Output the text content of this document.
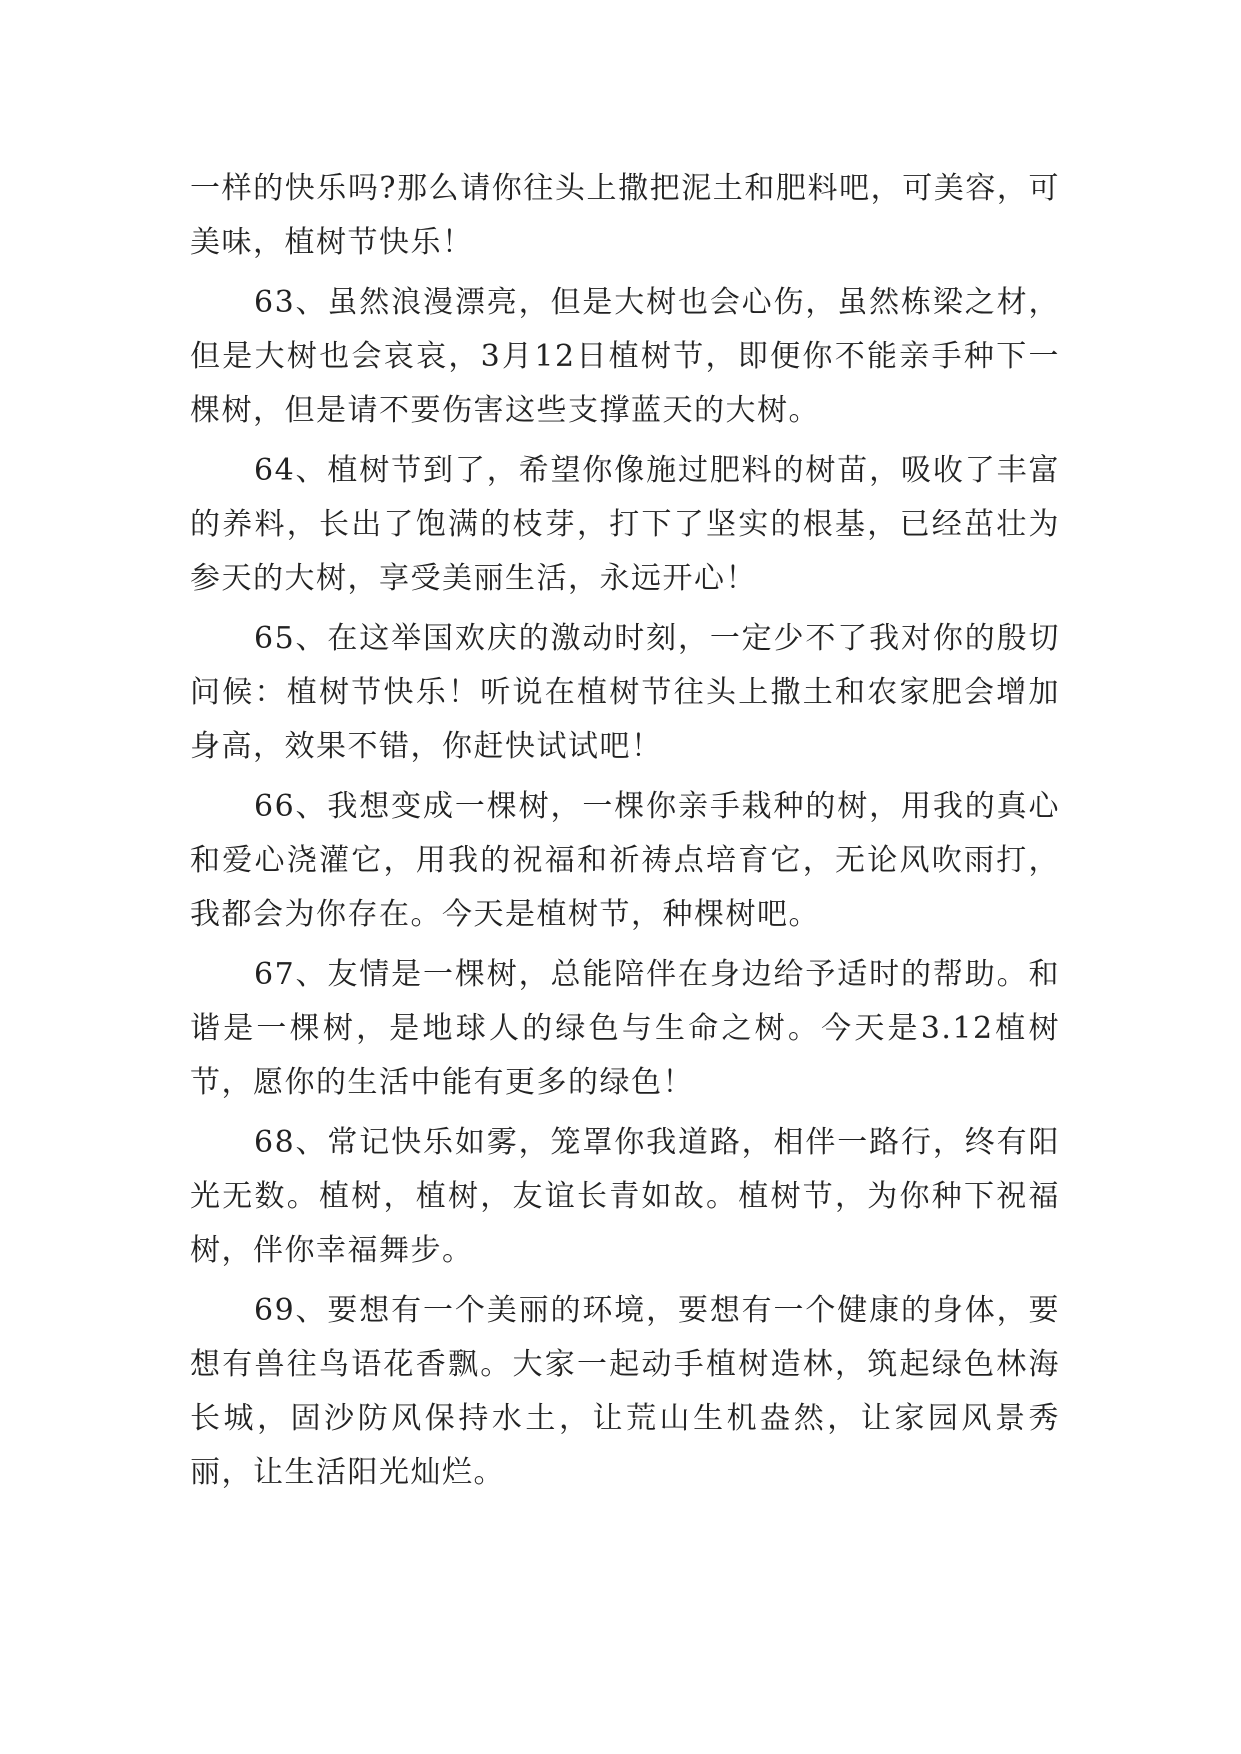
一样的快乐吗?那么请你往头上撒把泥土和肥料吧，可美容，可美味，植树节快乐！

63、虽然浪漫漂亮，但是大树也会心伤，虽然栋梁之材，但是大树也会哀哀，3月12日植树节，即便你不能亲手种下一棵树，但是请不要伤害这些支撑蓝天的大树。

64、植树节到了，希望你像施过肥料的树苗，吸收了丰富的养料，长出了饱满的枝芽，打下了坚实的根基，已经茁壮为参天的大树，享受美丽生活，永远开心！

65、在这举国欢庆的激动时刻，一定少不了我对你的殷切问候：植树节快乐！听说在植树节往头上撒土和农家肥会增加身高，效果不错，你赶快试试吧！

66、我想变成一棵树，一棵你亲手栽种的树，用我的真心和爱心浇灌它，用我的祝福和祈祷点培育它，无论风吹雨打，我都会为你存在。今天是植树节，种棵树吧。

67、友情是一棵树，总能陪伴在身边给予适时的帮助。和谐是一棵树，是地球人的绿色与生命之树。今天是3.12植树节，愿你的生活中能有更多的绿色！

68、常记快乐如雾，笼罩你我道路，相伴一路行，终有阳光无数。植树，植树，友谊长青如故。植树节，为你种下祝福树，伴你幸福舞步。

69、要想有一个美丽的环境，要想有一个健康的身体，要想有兽往鸟语花香飘。大家一起动手植树造林，筑起绿色林海长城，固沙防风保持水土，让荒山生机盎然，让家园风景秀丽，让生活阳光灿烂。
